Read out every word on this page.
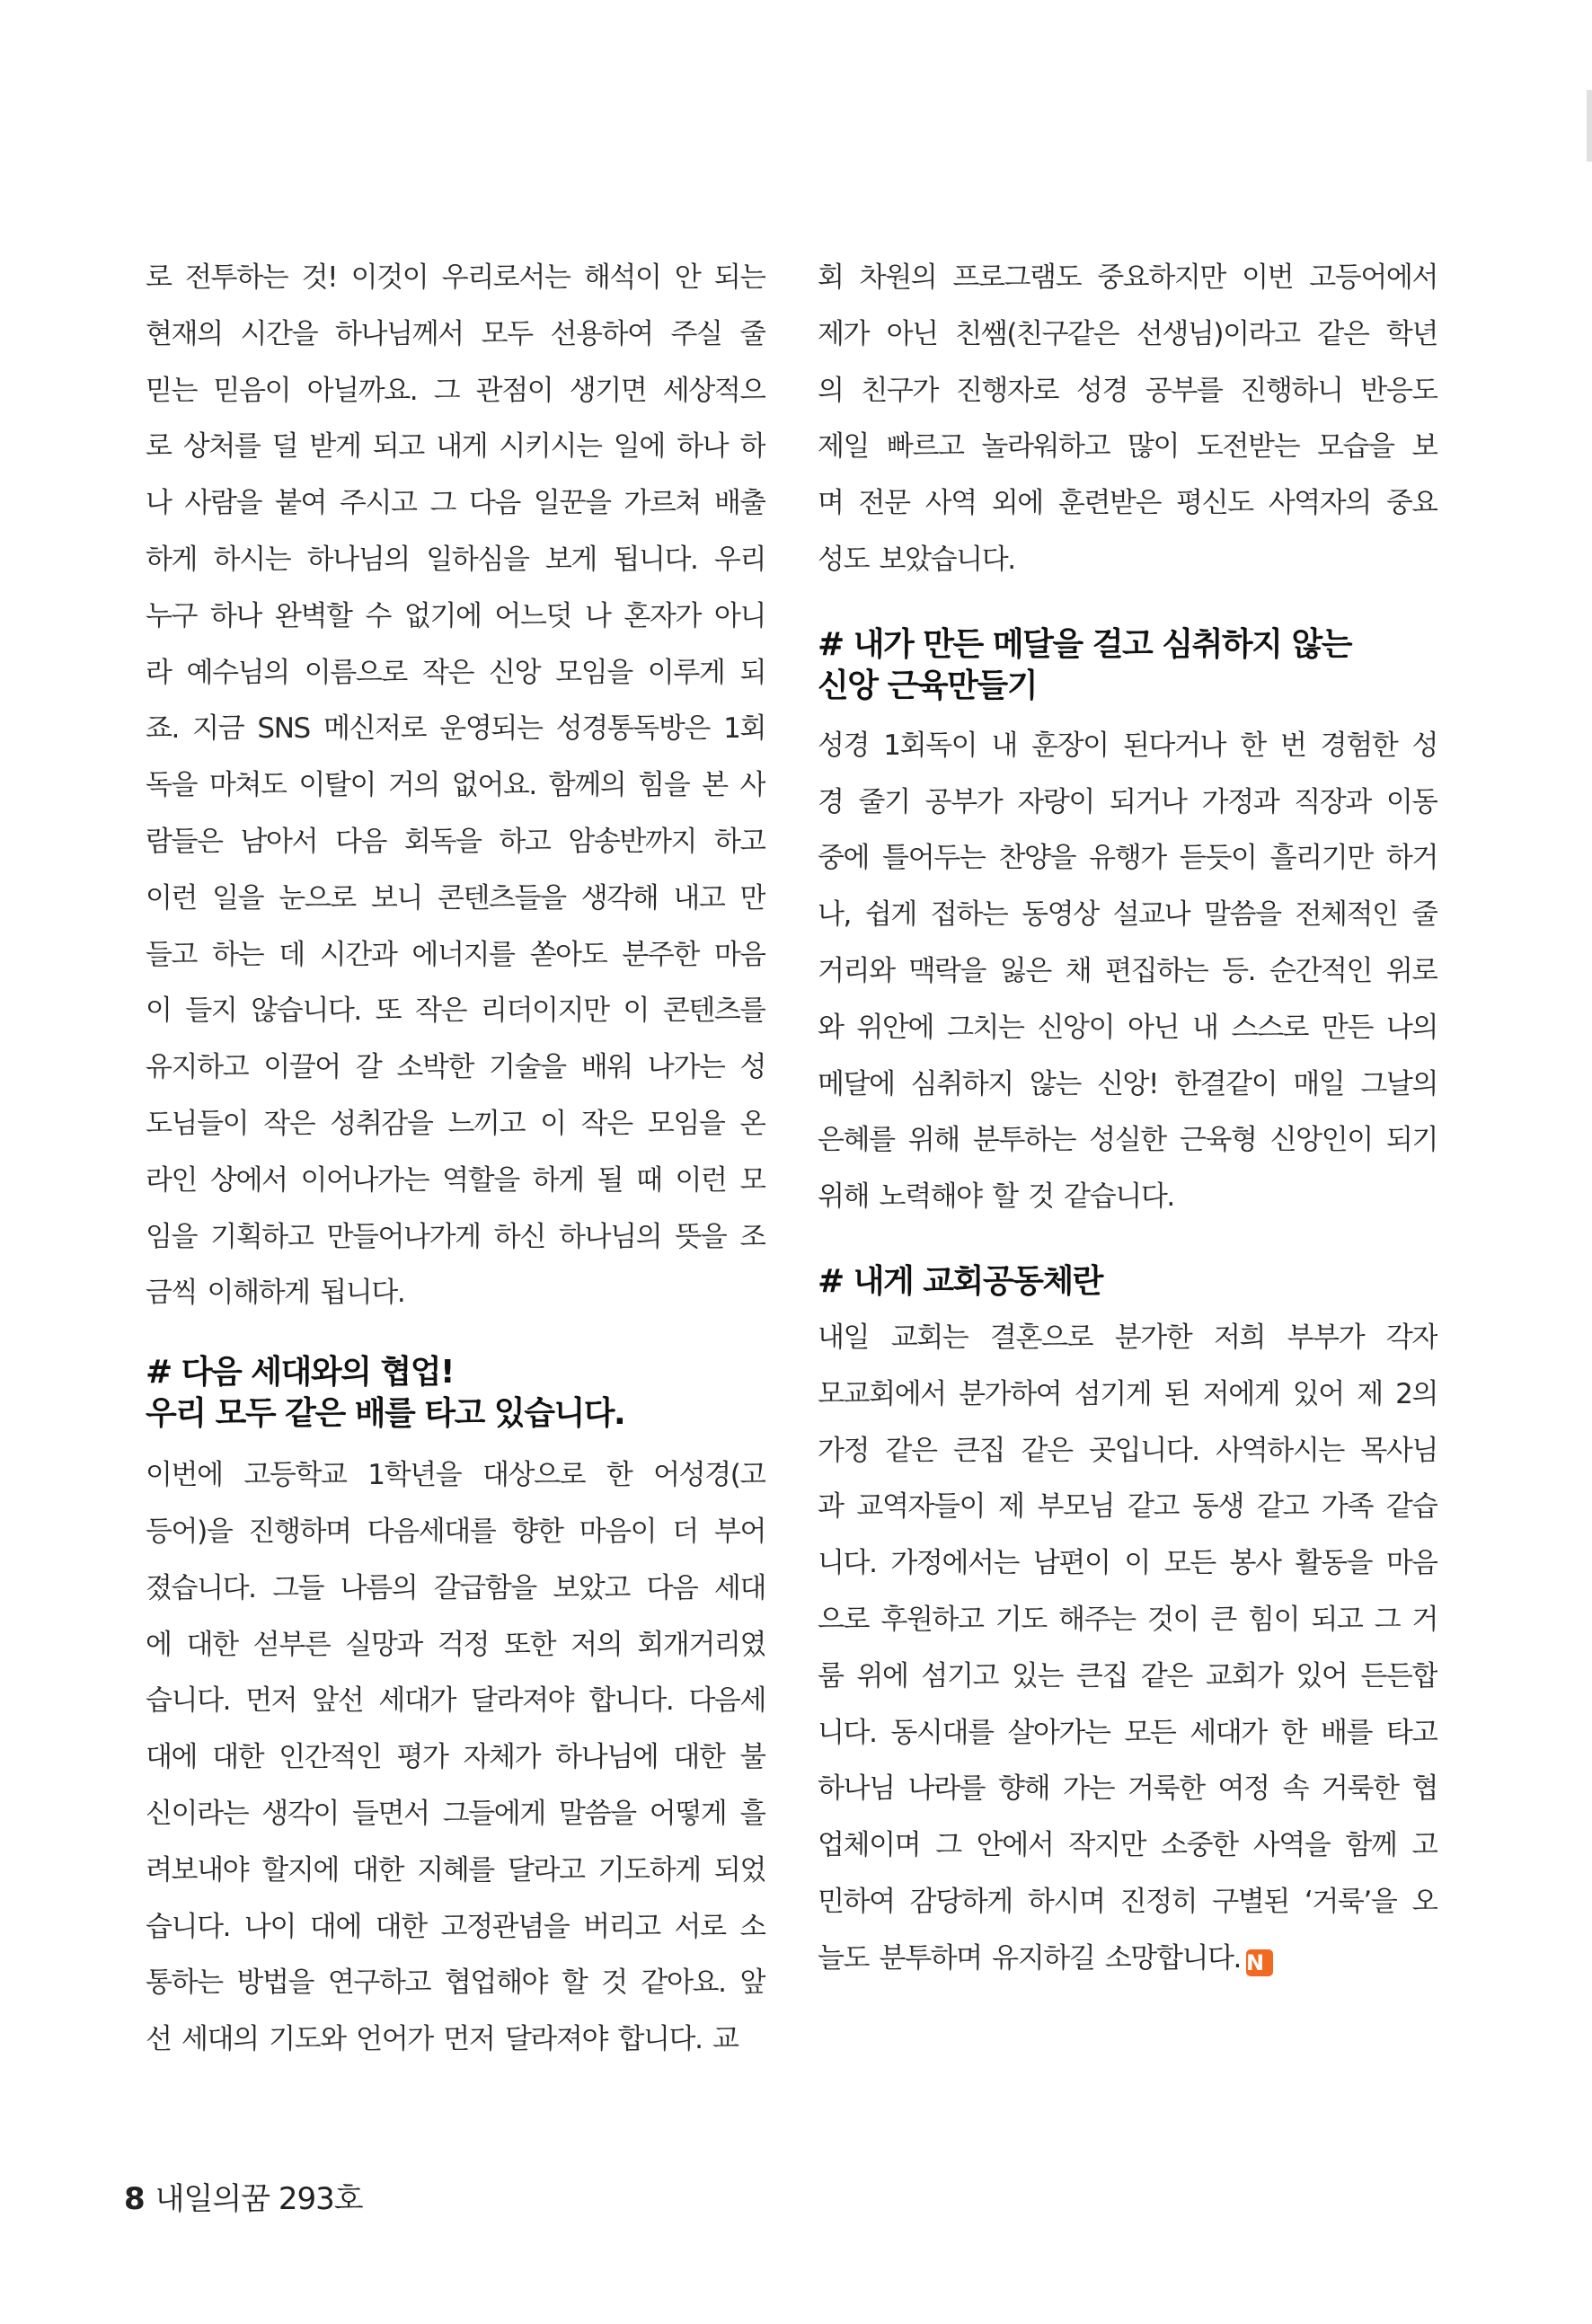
로 전투하는 것! 이것이 우리로서는 해석이 안 되는
현재의 시간을 하나님께서 모두 선용하여 주실 줄
믿는 믿음이 아닐까요. 그 관점이 생기면 세상적으
로 상처를 덜 받게 되고 내게 시키시는 일에 하나 하
나 사람을 붙여 주시고 그 다음 일꾼을 가르쳐 배출
하게 하시는 하나님의 일하심을 보게 됩니다. 우리
누구 하나 완벽할 수 없기에 어느덧 나 혼자가 아니
라 예수님의 이름으로 작은 신앙 모임을 이루게 되
죠. 지금 SNS 메신저로 운영되는 성경통독방은 1회
독을 마쳐도 이탈이 거의 없어요. 함께의 힘을 본 사
람들은 남아서 다음 회독을 하고 암송반까지 하고
이런 일을 눈으로 보니 콘텐츠들을 생각해 내고 만
들고 하는 데 시간과 에너지를 쏟아도 분주한 마음
이 들지 않습니다. 또 작은 리더이지만 이 콘텐츠를
유지하고 이끌어 갈 소박한 기술을 배워 나가는 성
도님들이 작은 성취감을 느끼고 이 작은 모임을 온
라인 상에서 이어나가는 역할을 하게 될 때 이런 모
임을 기획하고 만들어나가게 하신 하나님의 뜻을 조
금씩 이해하게 됩니다.
# 다음 세대와의 협업!
우리 모두 같은 배를 타고 있습니다.
이번에 고등학교 1학년을 대상으로 한 어성경(고
등어)을 진행하며 다음세대를 향한 마음이 더 부어
졌습니다. 그들 나름의 갈급함을 보았고 다음 세대
에 대한 섣부른 실망과 걱정 또한 저의 회개거리였
습니다. 먼저 앞선 세대가 달라져야 합니다. 다음세
대에 대한 인간적인 평가 자체가 하나님에 대한 불
신이라는 생각이 들면서 그들에게 말씀을 어떻게 흘
려보내야 할지에 대한 지혜를 달라고 기도하게 되었
습니다. 나이 대에 대한 고정관념을 버리고 서로 소
통하는 방법을 연구하고 협업해야 할 것 같아요. 앞
선 세대의 기도와 언어가 먼저 달라져야 합니다. 교
회 차원의 프로그램도 중요하지만 이번 고등어에서
제가 아닌 친쌤(친구같은 선생님)이라고 같은 학년
의 친구가 진행자로 성경 공부를 진행하니 반응도
제일 빠르고 놀라워하고 많이 도전받는 모습을 보
며 전문 사역 외에 훈련받은 평신도 사역자의 중요
성도 보았습니다.
# 내가 만든 메달을 걸고 심취하지 않는
신앙 근육만들기
성경 1회독이 내 훈장이 된다거나 한 번 경험한 성
경 줄기 공부가 자랑이 되거나 가정과 직장과 이동
중에 틀어두는 찬양을 유행가 듣듯이 흘리기만 하거
나, 쉽게 접하는 동영상 설교나 말씀을 전체적인 줄
거리와 맥락을 잃은 채 편집하는 등. 순간적인 위로
와 위안에 그치는 신앙이 아닌 내 스스로 만든 나의
메달에 심취하지 않는 신앙! 한결같이 매일 그날의
은혜를 위해 분투하는 성실한 근육형 신앙인이 되기
위해 노력해야 할 것 같습니다.
# 내게 교회공동체란
내일 교회는 결혼으로 분가한 저희 부부가 각자
모교회에서 분가하여 섬기게 된 저에게 있어 제 2의
가정 같은 큰집 같은 곳입니다. 사역하시는 목사님
과 교역자들이 제 부모님 같고 동생 같고 가족 같습
니다. 가정에서는 남편이 이 모든 봉사 활동을 마음
으로 후원하고 기도 해주는 것이 큰 힘이 되고 그 거
룸 위에 섬기고 있는 큰집 같은 교회가 있어 든든합
니다. 동시대를 살아가는 모든 세대가 한 배를 타고
하나님 나라를 향해 가는 거룩한 여정 속 거룩한 협
업체이며 그 안에서 작지만 소중한 사역을 함께 고
민하여 감당하게 하시며 진정히 구별된 ‘거룩’을 오
늘도 분투하며 유지하길 소망합니다. N
8 내일의꿈 293호
